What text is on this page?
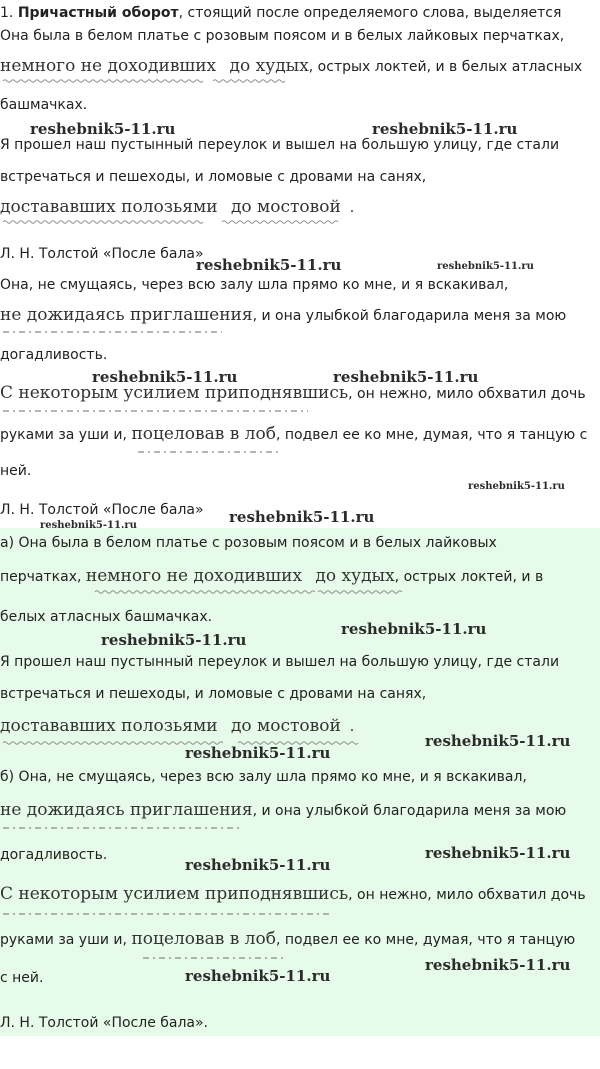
1. Причастный оборот, стоящий после определяемого слова, выделяется
Она была в белом платье с розовым поясом и в белых лайковых перчатках,
немного не доходивших до худых, острых локтей, и в белых атласных
башмачках.
Я прошел наш пустынный переулок и вышел на большую улицу, где стали
встречаться и пешеходы, и ломовые с дровами на санях,
достававших полозьями до мостовой .
Л. Н. Толстой «После бала»
Она, не смущаясь, через всю залу шла прямо ко мне, и я вскакивал,
не дожидаясь приглашения, и она улыбкой благодарила меня за мою
догадливость.
С некоторым усилием приподнявшись, он нежно, мило обхватил дочь
руками за уши и, поцеловав в лоб, подвел ее ко мне, думая, что я танцую с
ней.
Л. Н. Толстой «После бала»
а) Она была в белом платье с розовым поясом и в белых лайковых
перчатках, немного не доходивших до худых, острых локтей, и в
белых атласных башмачках.
Я прошел наш пустынный переулок и вышел на большую улицу, где стали
встречаться и пешеходы, и ломовые с дровами на санях,
достававших полозьями до мостовой .
б) Она, не смущаясь, через всю залу шла прямо ко мне, и я вскакивал,
не дожидаясь приглашения, и она улыбкой благодарила меня за мою
догадливость.
С некоторым усилием приподнявшись, он нежно, мило обхватил дочь
руками за уши и, поцеловав в лоб, подвел ее ко мне, думая, что я танцую
с ней.
Л. Н. Толстой «После бала».
reshebnik5-11.ru	reshebnik5-11.ru
reshebnik5-11.ru	reshebnik5-11.ru
reshebnik5-11.ru	reshebnik5-11.ru
reshebnik5-11.ru
reshebnik5-11.ru
reshebnik5-11.ru
reshebnik5-11.ru
reshebnik5-11.ru
reshebnik5-11.ru
reshebnik5-11.ru
reshebnik5-11.ru
reshebnik5-11.ru
reshebnik5-11.ru
reshebnik5-11.ru
